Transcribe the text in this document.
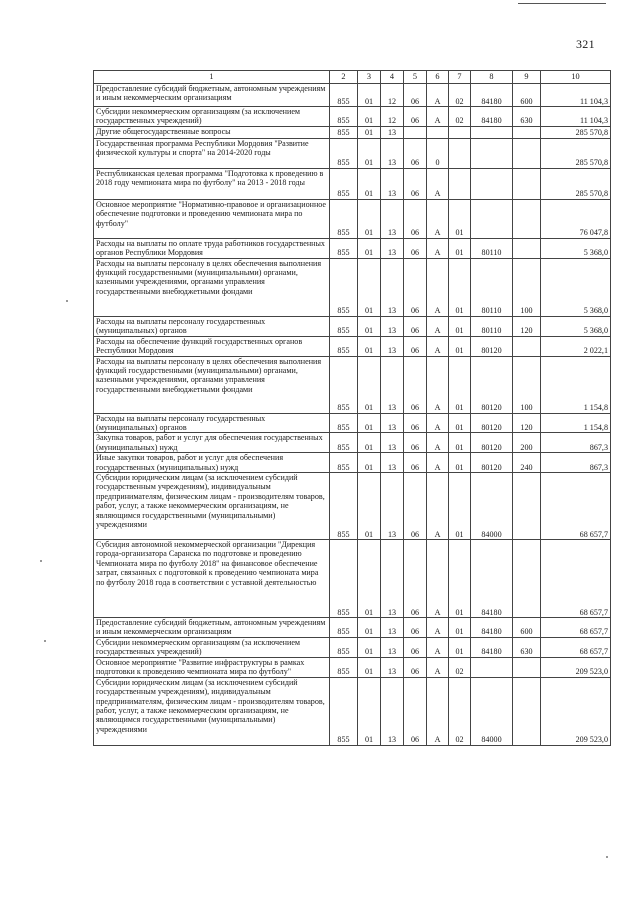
321
1	2	3	4	5	6	7	8	9	10
Предоставление субсидий бюджетным, автономным учреждениям и иным некоммерческим организациям	855	01	12	06	А	02	84180	600	11 104,3
Субсидии некоммерческим организациям (за исключением государственных учреждений)	855	01	12	06	А	02	84180	630	11 104,3
Другие общегосударственные вопросы	855	01	13						285 570,8
Государственная программа Республики Мордовия "Развитие физической культуры и спорта" на 2014-2020 годы	855	01	13	06	0				285 570,8
Республиканская целевая программа "Подготовка к проведению в 2018 году чемпионата мира по футболу" на 2013 - 2018 годы	855	01	13	06	А				285 570,8
Основное мероприятие "Нормативно-правовое и организационное обеспечение подготовки и проведению чемпионата мира по футболу"	855	01	13	06	А	01			76 047,8
Расходы на выплаты по оплате труда работников государственных органов Республики Мордовия	855	01	13	06	А	01	80110		5 368,0
Расходы на выплаты персоналу в целях обеспечения выполнения функций государственными (муниципальными) органами, казенными учреждениями, органами управления государственными внебюджетными фондами	855	01	13	06	А	01	80110	100	5 368,0
Расходы на выплаты персоналу государственных (муниципальных) органов	855	01	13	06	А	01	80110	120	5 368,0
Расходы на обеспечение функций государственных органов Республики Мордовия	855	01	13	06	А	01	80120		2 022,1
Расходы на выплаты персоналу в целях обеспечения выполнения функций государственными (муниципальными) органами, казенными учреждениями, органами управления государственными внебюджетными фондами	855	01	13	06	А	01	80120	100	1 154,8
Расходы на выплаты персоналу государственных (муниципальных) органов	855	01	13	06	А	01	80120	120	1 154,8
Закупка товаров, работ и услуг для обеспечения государственных (муниципальных) нужд	855	01	13	06	А	01	80120	200	867,3
Иные закупки товаров, работ и услуг для обеспечения государственных (муниципальных) нужд	855	01	13	06	А	01	80120	240	867,3
Субсидии юридическим лицам (за исключением субсидий государственным учреждениям), индивидуальным предпринимателям, физическим лицам - производителям товаров, работ, услуг, а также некоммерческим организациям, не являющимся государственными (муниципальными) учреждениями	855	01	13	06	А	01	84000		68 657,7
Субсидия автономной некоммерческой организации "Дирекция города-организатора Саранска по подготовке и проведению Чемпионата мира по футболу 2018" на финансовое обеспечение затрат, связанных с подготовкой к проведению чемпионата мира по футболу 2018 года в соответствии с уставной деятельностью	855	01	13	06	А	01	84180		68 657,7
Предоставление субсидий бюджетным, автономным учреждениям и иным некоммерческим организациям	855	01	13	06	А	01	84180	600	68 657,7
Субсидии некоммерческим организациям (за исключением государственных учреждений)	855	01	13	06	А	01	84180	630	68 657,7
Основное мероприятие "Развитие инфраструктуры в рамках подготовки к проведению чемпионата мира по футболу"	855	01	13	06	А	02			209 523,0
Субсидии юридическим лицам (за исключением субсидий государственным учреждениям), индивидуальным предпринимателям, физическим лицам - производителям товаров, работ, услуг, а также некоммерческим организациям, не являющимся государственными (муниципальными) учреждениями	855	01	13	06	А	02	84000		209 523,0
